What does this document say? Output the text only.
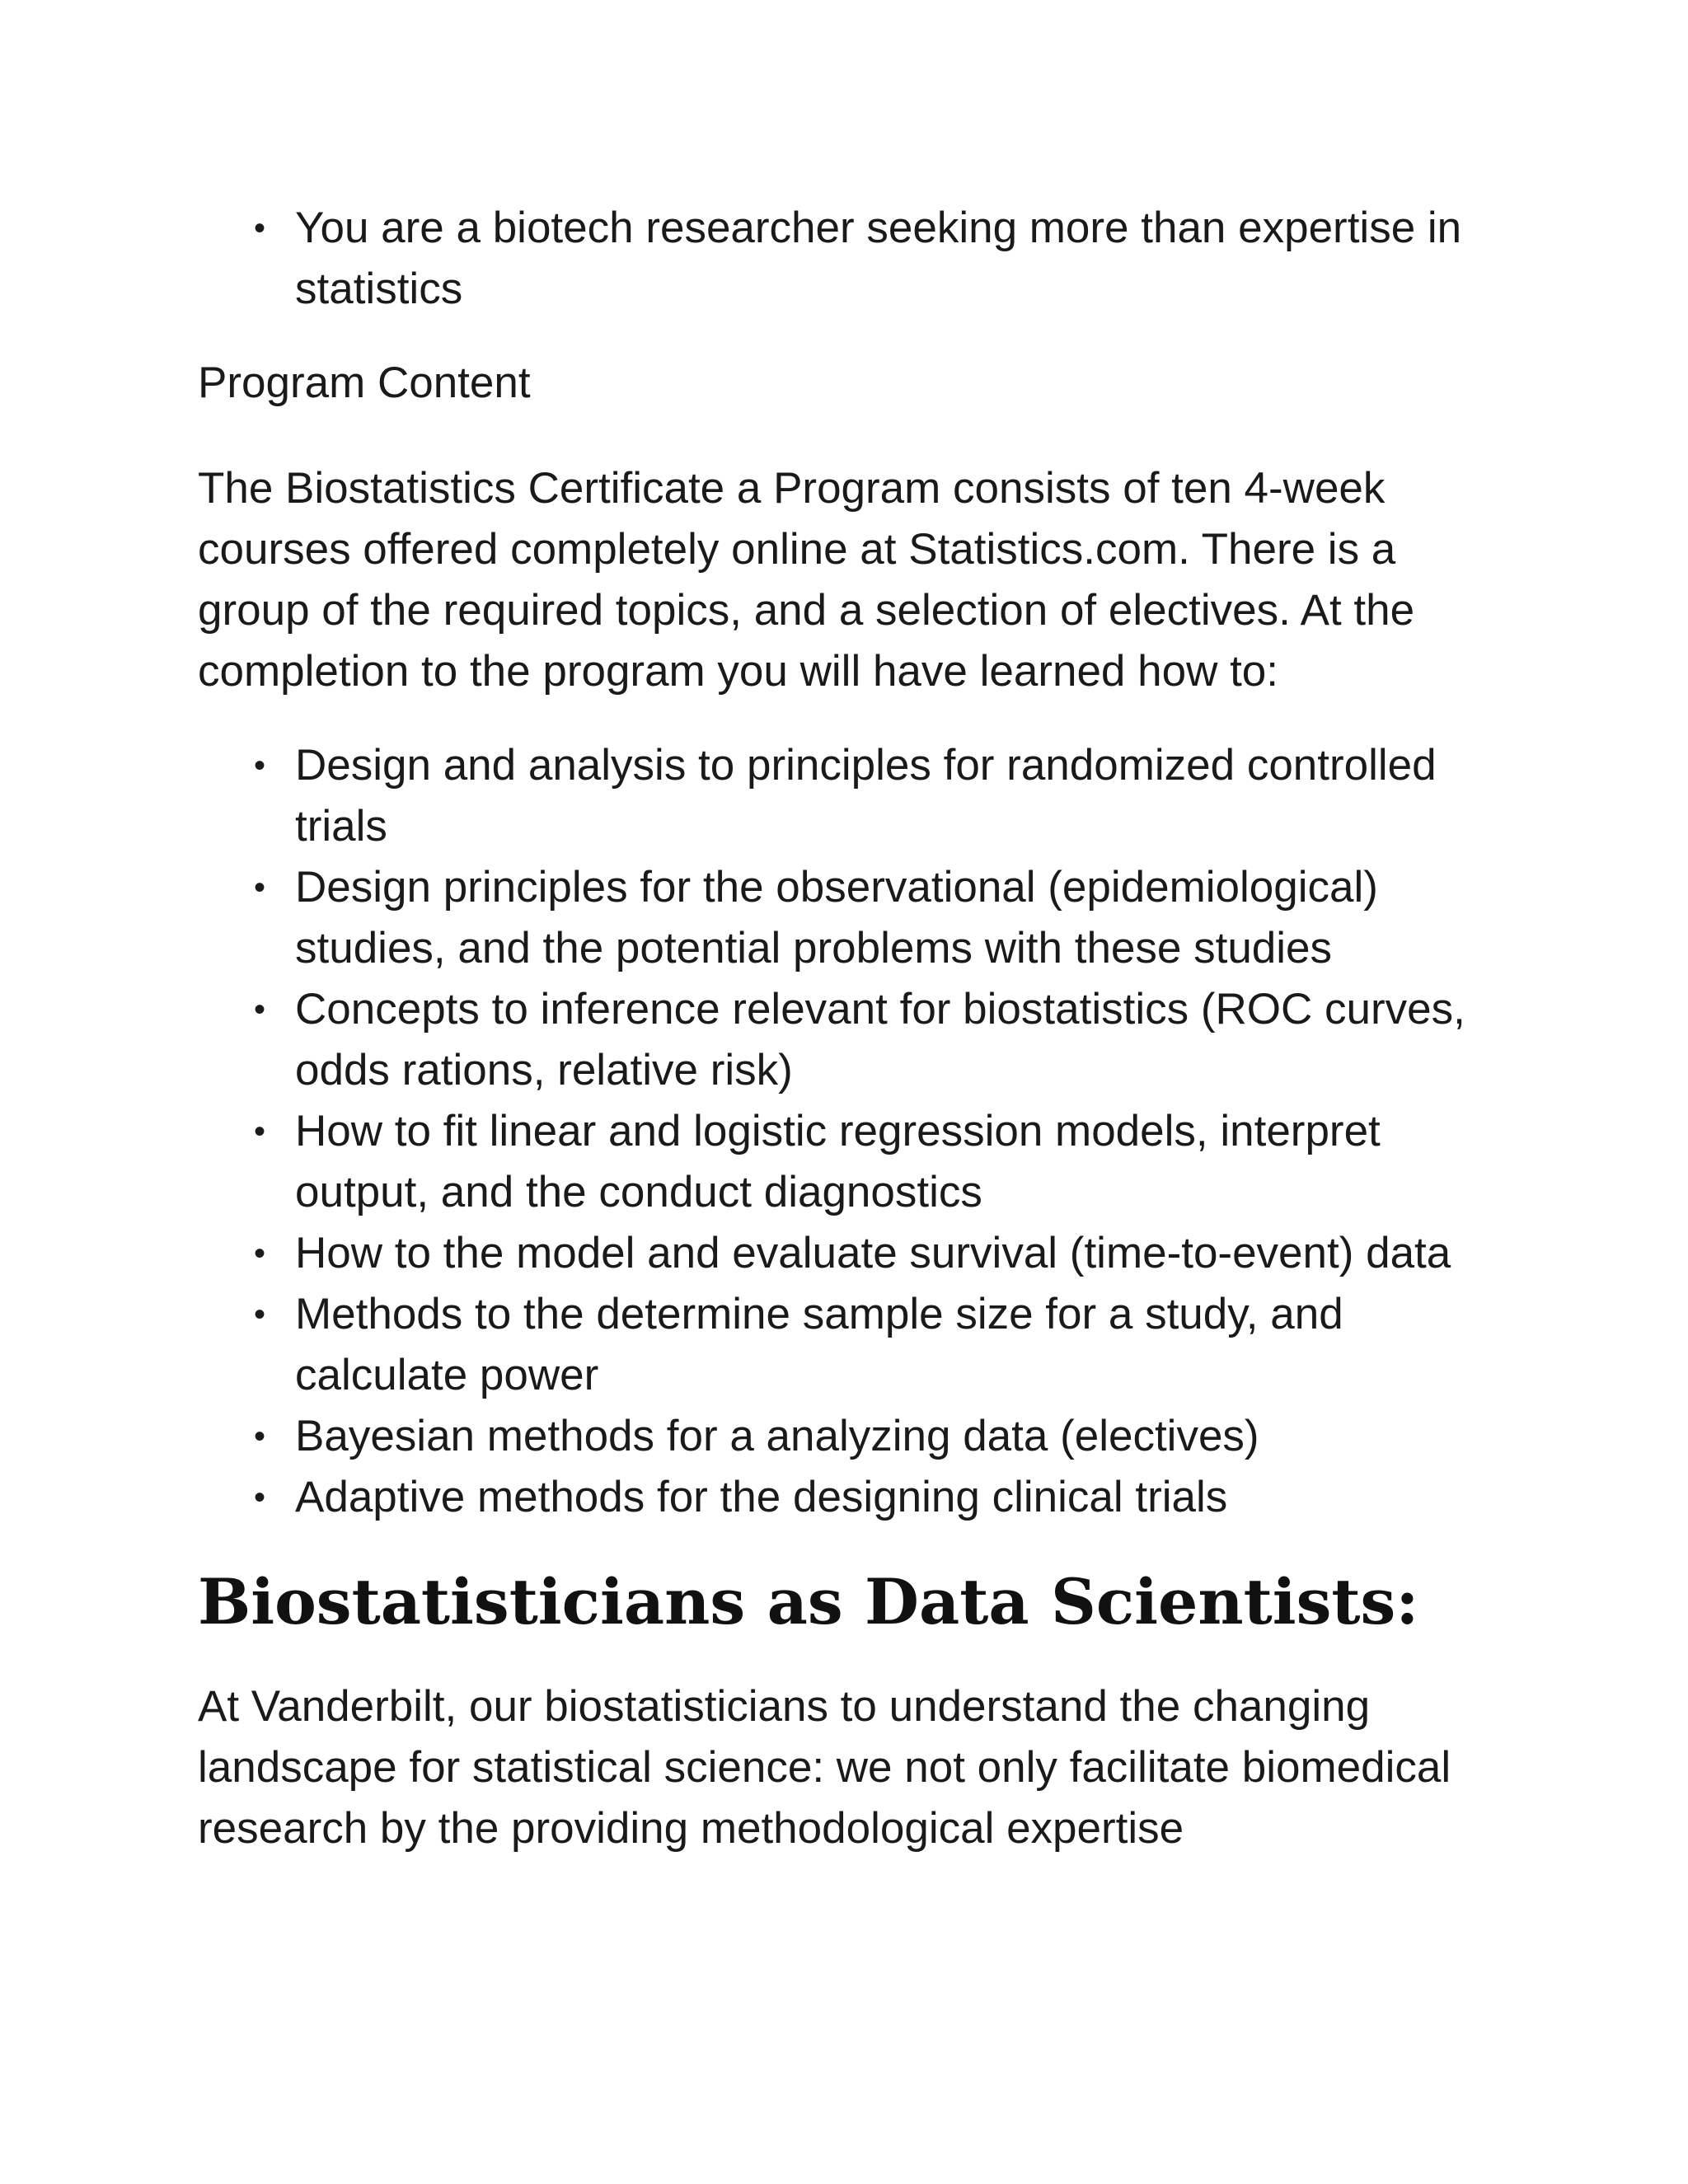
• You are a biotech researcher seeking more than expertise in statistics

Program Content

The Biostatistics Certificate a Program consists of ten 4-week courses offered completely online at Statistics.com. There is a group of the required topics, and a selection of electives. At the completion to the program you will have learned how to:

• Design and analysis to principles for randomized controlled trials
• Design principles for the observational (epidemiological) studies, and the potential problems with these studies
• Concepts to inference relevant for biostatistics (ROC curves, odds rations, relative risk)
• How to fit linear and logistic regression models, interpret output, and the conduct diagnostics
• How to the model and evaluate survival (time-to-event) data
• Methods to the determine sample size for a study, and calculate power
• Bayesian methods for a analyzing data (electives)
• Adaptive methods for the designing clinical trials
Biostatisticians as Data Scientists:

At Vanderbilt, our biostatisticians to understand the changing landscape for statistical science: we not only facilitate biomedical research by the providing methodological expertise
